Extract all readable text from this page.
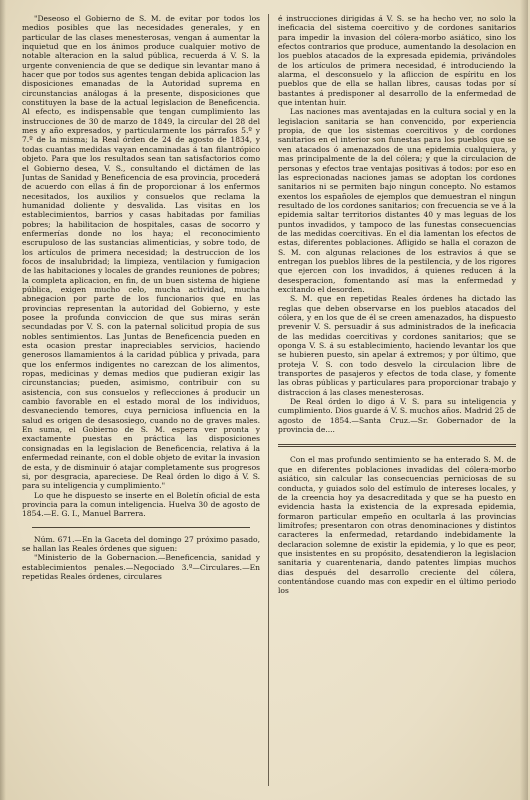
"Deseoso el Gobierno de S. M. de evitar por todos los medios posibles que las necesidades generales, y en particular de las clases menesterosas, vengan á aumentar la inquietud que en los ánimos produce cualquier motivo de notable alteracion en la salud pública, recuerda á V. S. la urgente conveniencia de que se dedique sin levantar mano á hacer que por todos sus agentes tengan debida aplicacion las disposiciones emanadas de la Autoridad suprema en circunstancias análogas á la presente, disposiciones que constituyen la base de la actual legislacion de Beneficencia. Al efecto, es indispensable que tengan cumplimiento las instrucciones de 30 de marzo de 1849, la circular del 28 del mes y año expresados, y particularmente los párrafos 5.º y 7.º de la misma; la Real órden de 24 de agosto de 1834, y todas cuantas medidas vayan encaminadas á tan filantrópico objeto. Para que los resultados sean tan satisfactorios como el Gobierno desea, V. S., consultando el dictámen de las Juntas de Sanidad y Beneficencia de esa provincia, procederá de acuerdo con ellas á fin de proporcionar á los enfermos necesitados, los auxilios y consuelos que reclama la humanidad doliente y desvalida. Las visitas en los establecimientos, barrios y casas habitadas por familias pobres; la habilitacion de hospitales, casas de socorro y enfermerías donde no los haya; el reconocimiento escrupuloso de las sustancias alimenticias, y sobre todo, de los artículos de primera necesidad; la destruccion de los focos de insalubridad; la limpieza, ventilacion y fumigacion de las habitaciones y locales de grandes reuniones de pobres; la completa aplicacion, en fin, de un buen sistema de higiene pública, exigen mucho celo, mucha actividad, mucha abnegacion por parte de los funcionarios que en las provincias representan la autoridad del Gobierno, y este posee la profunda conviccion de que sus miras serán secundadas por V. S. con la paternal solicitud propia de sus nobles sentimientos. Las Juntas de Beneficencia pueden en esta ocasion prestar inapreciables servicios, haciendo generosos llamamientos á la caridad pública y privada, para que los enfermos indigentes no carezcan de los alimentos, ropas, medicinas y demas medios que pudieran exigir las circunstancias; pueden, asimismo, contribuir con su asistencia, con sus consuelos y reflecciones á producir un cambio favorable en el estado moral de los individuos, desvaneciendo temores, cuya perniciosa influencia en la salud es origen de desasosiego, cuando no de graves males. En suma, el Gobierno de S. M. espera ver pronta y exactamente puestas en práctica las disposiciones consignadas en la legislacion de Beneficencia, relativa á la enfermedad reinante, con el doble objeto de evitar la invasion de esta, y de disminuir ó atajar completamente sus progresos si, por desgracia, apareciese. De Real órden lo digo á V. S. para su inteligencia y cumplimiento."

Lo que he dispuesto se inserte en el Boletín oficial de esta provincia para la comun inteligencia. Huelva 30 de agosto de 1854.—E. G. I., Manuel Barrera.

Núm. 671.—En la Gaceta del domingo 27 próximo pasado, se hallan las Reales órdenes que siguen:

"Ministerio de la Gobernacion.—Beneficencia, sanidad y establecimientos penales.—Negociado 3.º—Circulares.—En repetidas Reales órdenes, circulares

é instrucciones dirigidas á V. S. se ha hecho ver, no solo la ineficacia del sistema coercitivo y de cordones sanitarios para impedir la invasion del cólera-morbo asiático, sino los efectos contrarios que produce, aumentando la desolacion en los pueblos atacados de la expresada epidemia, privándoles de los artículos de primera necesidad, é introduciendo la alarma, el desconsuelo y la afliccion de espíritu en los pueblos que de ella se hallan libres, causas todas por sí bastantes á predisponer al desarrollo de la enfermedad de que intentan huir.

Las naciones mas aventajadas en la cultura social y en la legislacion sanitaria se han convencido, por experiencia propia, de que los sistemas coercitivos y de cordones sanitarios en el interior son funestas para los pueblos que se ven atacados ó amenazados de una epidemia cualquiera, y mas principalmente de la del cólera; y que la circulacion de personas y efectos trae ventajas positivas á todos: por eso en las esprecionadas naciones jamas se adoptan los cordones sanitarios ni se permiten bajo ningun concepto. No estamos exentos los españoles de ejemplos que demuestran el ningun resultado de los cordones sanitarios; con frecuencia se ve á la epidemia saltar territorios distantes 40 y mas leguas de los puntos invadidos, y tampoco de las funestas consecuencias de las medidas coercitivas. En el dia lamentan los efectos de estas, diferentes poblaciones. Afligido se halla el corazon de S. M. con algunas relaciones de los estravios á que se entregan los pueblos libres de la pestilencia, y de los rigores que ejercen con los invadidos, á quienes reducen á la desesperacion, fomentando así mas la enfermedad y excitando el desorden.

S. M. que en repetidas Reales órdenes ha dictado las reglas que deben observarse en los pueblos atacados del cólera, y en los que de él se creen amenazados, ha dispuesto prevenir V. S. persuadir á sus administrados de la ineficacia de las medidas coercitivas y cordones sanitarios; que se oponga V. S. á su establecimiento, haciendo levantar los que se hubieren puesto, sin apelar á extremos; y por último, que proteja V. S. con todo desvelo la circulacion libre de transportes de pasajeros y efectos de toda clase, y fomente las obras públicas y particulares para proporcionar trabajo y distraccion á las clases menesterosas.

De Real órden lo digo á V. S. para su inteligencia y cumplimiento. Dios guarde á V. S. muchos años. Madrid 25 de agosto de 1854.—Santa Cruz.—Sr. Gobernador de la provincia de....

Con el mas profundo sentimiento se ha enterado S. M. de que en diferentes poblaciones invadidas del cólera-morbo asiático, sin calcular las consecuencias perniciosas de su conducta, y guiados solo del estímulo de intereses locales, y de la creencia hoy ya desacreditada y que se ha puesto en evidencia hasta la existencia de la expresada epidemia, formaron particular empeño en ocultarla á las provincias limítrofes; presentaron con otras denominaciones y distintos caracteres la enfermedad, retardando indebidamente la declaracion solemne de existir la epidemia, y lo que es peor, que insistentes en su propósito, desatendieron la legislacion sanitaria y cuarentenaria, dando patentes limpias muchos dias después del desarrollo creciente del cólera, contentándose cuando mas con expedir en el último periodo los
